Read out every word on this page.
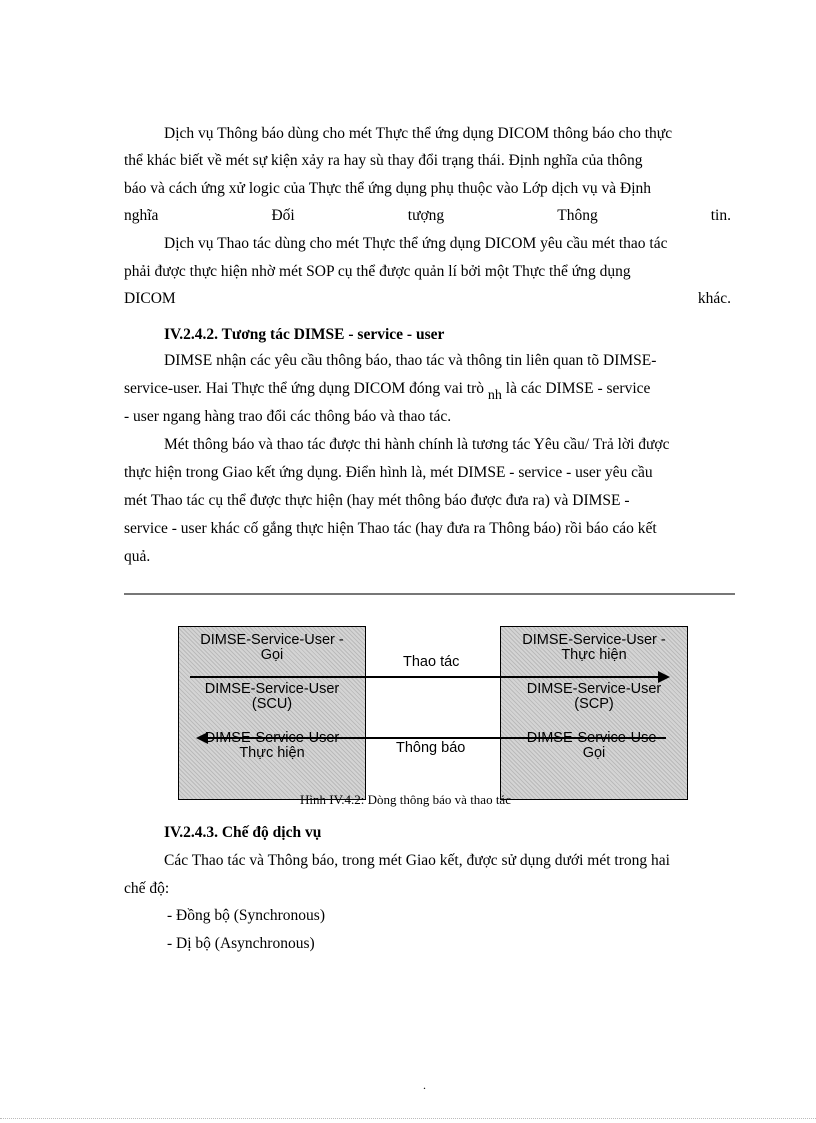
Dịch vụ Thông báo dùng cho mét Thực thể ứng dụng DICOM thông báo cho thực
thể khác biết về mét sự kiện xảy ra hay sù thay đổi trạng thái. Định nghĩa của thông
báo và cách ứng xử logic của Thực thể ứng dụng phụ thuộc vào Lớp dịch vụ và Định
nghĩa	Đối	tượng	Thông	tin.
Dịch vụ Thao tác dùng cho mét Thực thể ứng dụng DICOM yêu cầu mét thao tác
phải được thực hiện nhờ mét SOP cụ thể được quản lí bởi một Thực thể ứng dụng
DICOM	khác.
IV.2.4.2. Tương tác DIMSE - service - user
DIMSE nhận các yêu cầu thông báo, thao tác và thông tin liên quan tõ DIMSE-
service-user. Hai Thực thể ứng dụng DICOM đóng vai trò nh là các DIMSE - service
- user ngang hàng trao đổi các thông báo và thao tác.
Mét thông báo và thao tác được thi hành chính là tương tác Yêu cầu/ Trả lời được
thực hiện trong Giao kết ứng dụng. Điển hình là, mét DIMSE - service - user yêu cầu
mét Thao tác cụ thể được thực hiện (hay mét thông báo được đưa ra) và DIMSE -
service - user khác cố gắng thực hiện Thao tác (hay đưa ra Thông báo) rồi báo cáo kết
quả.
DIMSE-Service-User -
Gọi
DIMSE-Service-User
(SCU)
DIMSE-Service-User
Thực hiện
DIMSE-Service-User -
Thực hiện
DIMSE-Service-User
(SCP)
DIMSE-Service-Use-
Gọi
Thao tác
Thông báo
Hình IV.4.2: Dòng thông báo và thao tác
IV.2.4.3. Chế độ dịch vụ
Các Thao tác và Thông báo, trong mét Giao kết, được sử dụng dưới mét trong hai
chế độ:
- Đồng bộ (Synchronous)
- Dị bộ (Asynchronous)
.
